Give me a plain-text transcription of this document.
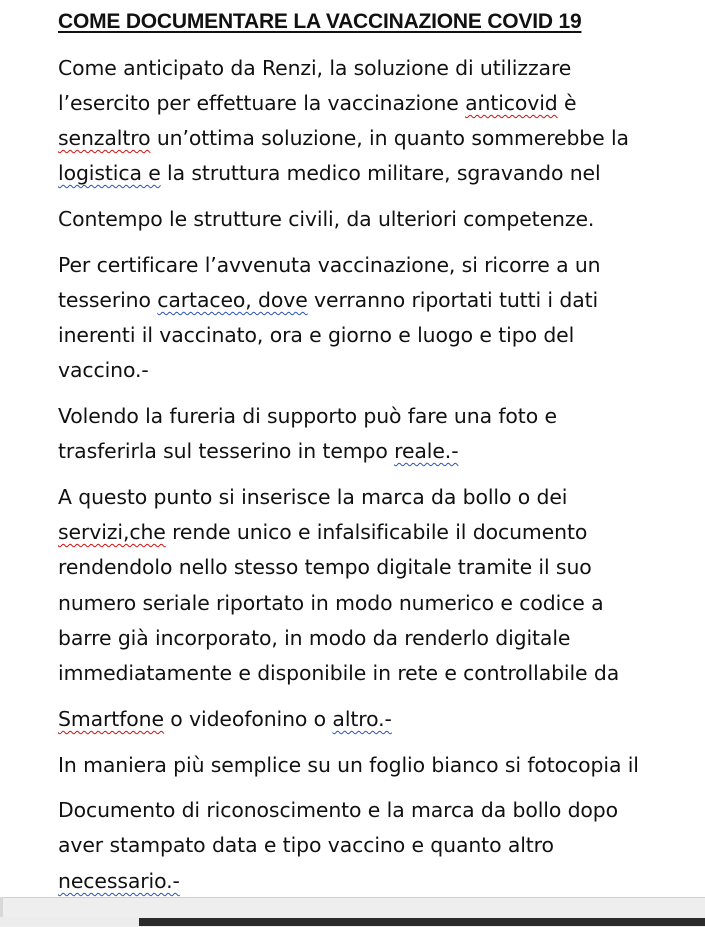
COME DOCUMENTARE LA VACCINAZIONE COVID 19
Come anticipato da Renzi, la soluzione di utilizzare
l’esercito per effettuare la vaccinazione anticovid è
senzaltro un’ottima soluzione, in quanto sommerebbe la
logistica e la struttura medico militare, sgravando nel
Contempo le strutture civili, da ulteriori competenze.
Per certificare l’avvenuta vaccinazione, si ricorre a un
tesserino cartaceo, dove verranno riportati tutti i dati
inerenti il vaccinato, ora e giorno e luogo e tipo del
vaccino.-
Volendo la fureria di supporto può fare una foto e
trasferirla sul tesserino in tempo reale.-
A questo punto si inserisce la marca da bollo o dei
servizi,che rende unico e infalsificabile il documento
rendendolo nello stesso tempo digitale tramite il suo
numero seriale riportato in modo numerico e codice a
barre già incorporato, in modo da renderlo digitale
immediatamente e disponibile in rete e controllabile da
Smartfone o videofonino o altro.-
In maniera più semplice su un foglio bianco si fotocopia il
Documento di riconoscimento e la marca da bollo dopo
aver stampato data e tipo vaccino e quanto altro
necessario.-
